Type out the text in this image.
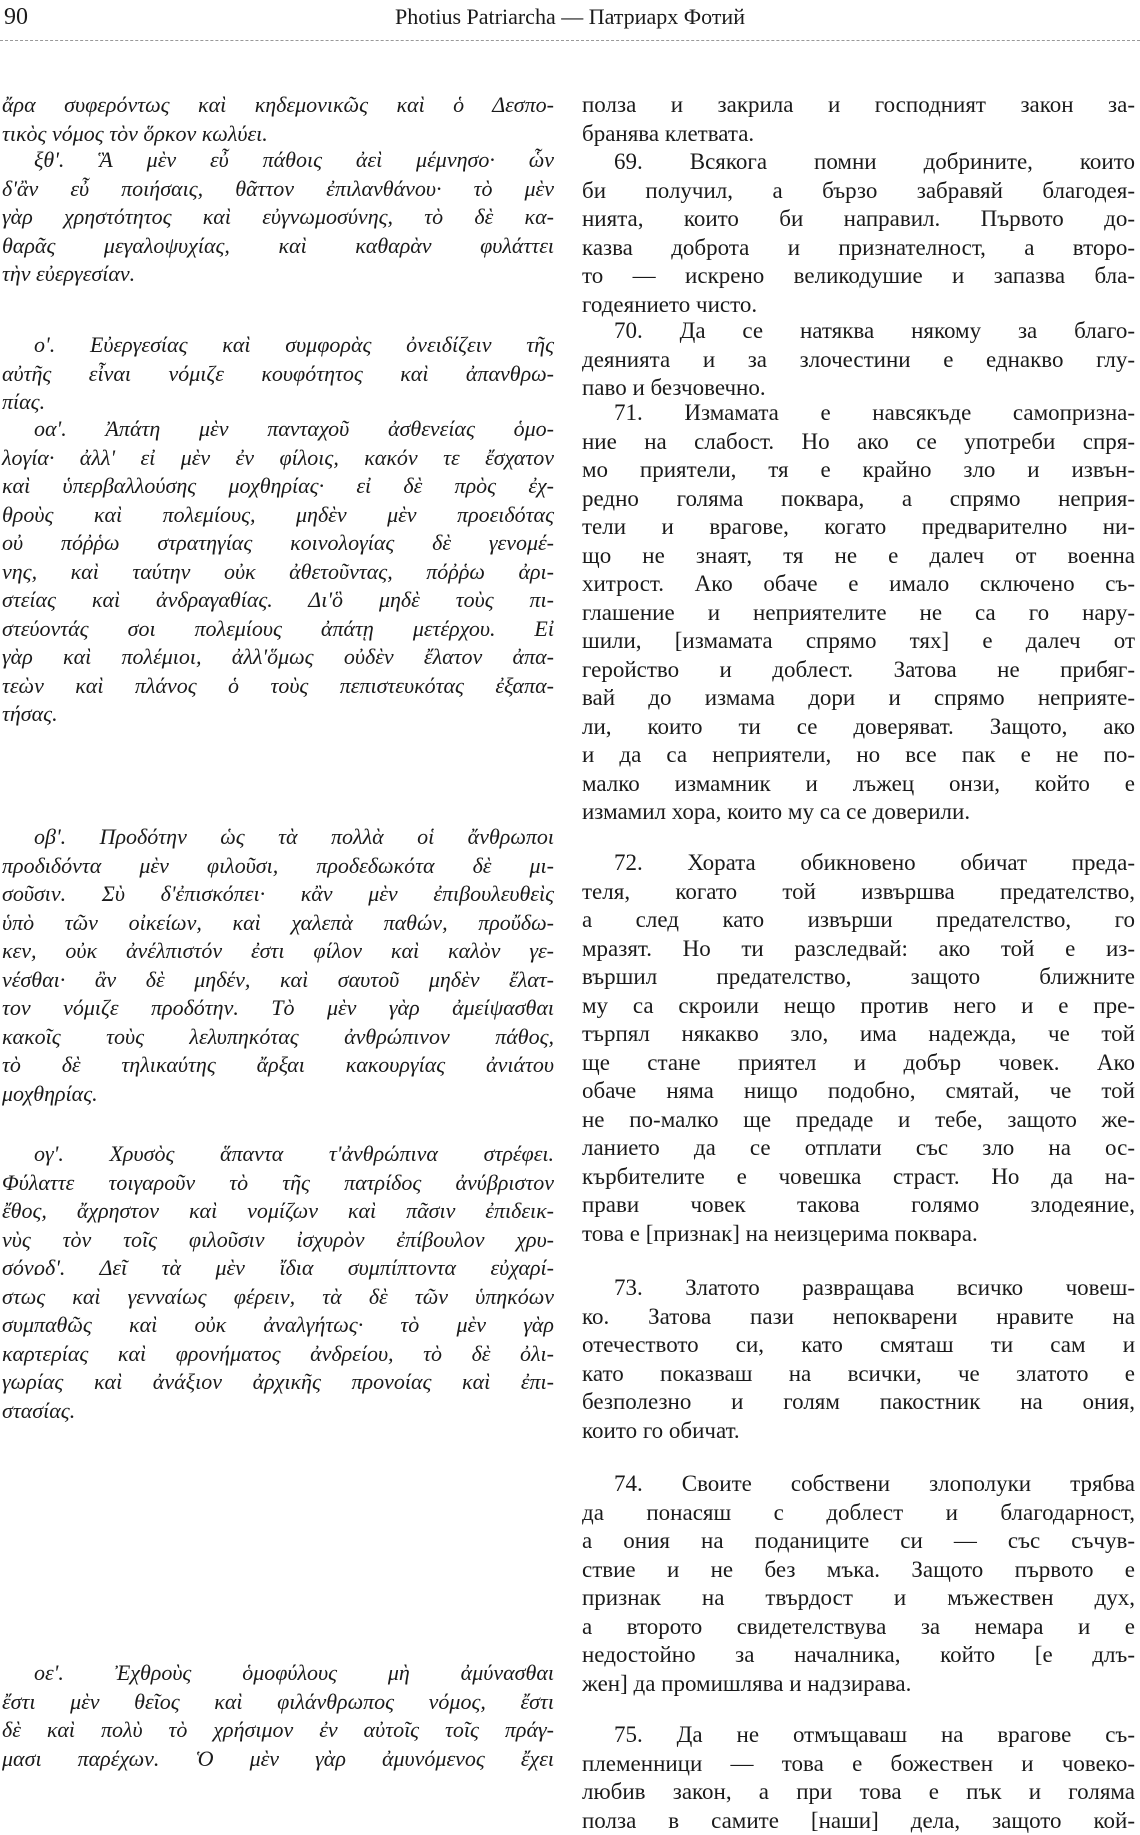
90	Photius Patriarcha — Патриарх Фотий
ἄρα συφερόντως καὶ κηδεμονικῶς καὶ ὁ Δεσπο-
τικὸς νόμος τὸν ὅρκον κωλύει.
ξθ'. Ἃ μὲν εὖ πάθοις ἀεὶ μέμνησο· ὧν
δ'ἂν εὖ ποιήσαις, θᾶττον ἐπιλανθάνου· τὸ μὲν
γὰρ χρηστότητος καὶ εὐγνωμοσύνης, τὸ δὲ κα-
θαρᾶς μεγαλοψυχίας, καὶ καθαρὰν φυλάττει
τὴν εὐεργεσίαν.
ο'. Εὐεργεσίας καὶ συμφορὰς ὀνειδίζειν τῆς
αὐτῆς εἶναι νόμιζε κουφότητος καὶ ἀπανθρω-
πίας.
οα'. Ἀπάτη μὲν πανταχοῦ ἀσθενείας ὁμο-
λογία· ἀλλ' εἰ μὲν ἐν φίλοις, κακόν τε ἔσχατον
καὶ ὑπερβαλλούσης μοχθηρίας· εἰ δὲ πρὸς ἐχ-
θροὺς καὶ πολεμίους, μηδὲν μὲν προειδότας
οὐ πόῤῥω στρατηγίας κοινολογίας δὲ γενομέ-
νης, καὶ ταύτην οὐκ ἀθετοῦντας, πόῤῥω ἀρι-
στείας καὶ ἀνδραγαθίας. Δι'ὃ μηδὲ τοὺς πι-
στεύοντάς σοι πολεμίους ἀπάτῃ μετέρχου. Εἰ
γὰρ καὶ πολέμιοι, ἀλλ'ὅμως οὐδὲν ἔλατον ἀπα-
τεὼν καὶ πλάνος ὁ τοὺς πεπιστευκότας ἐξαπα-
τήσας.
οβ'. Προδότην ὡς τὰ πολλὰ οἱ ἄνθρωποι
προδιδόντα μὲν φιλοῦσι, προδεδωκότα δὲ μι-
σοῦσιν. Σὺ δ'ἐπισκόπει· κἂν μὲν ἐπιβουλευθεὶς
ὑπὸ τῶν οἰκείων, καὶ χαλεπὰ παθών, προὔδω-
κεν, οὐκ ἀνέλπιστόν ἐστι φίλον καὶ καλὸν γε-
νέσθαι· ἂν δὲ μηδέν, καὶ σαυτοῦ μηδὲν ἔλατ-
τον νόμιζε προδότην. Τὸ μὲν γὰρ ἀμείψασθαι
κακοῖς τοὺς λελυπηκότας ἀνθρώπινον πάθος,
τὸ δὲ τηλικαύτης ἄρξαι κακουργίας ἀνιάτου
μοχθηρίας.
ογ'. Χρυσὸς ἅπαντα τ'ἀνθρώπινα στρέφει.
Φύλαττε τοιγαροῦν τὸ τῆς πατρίδος ἀνύβριστον
ἔθος, ἄχρηστον καὶ νομίζων καὶ πᾶσιν ἐπιδεικ-
νὺς τὸν τοῖς φιλοῦσιν ἰσχυρὸν ἐπίβουλον χρυ-
σόν.
οδ'. Δεῖ τὰ μὲν ἴδια συμπίπτοντα εὐχαρί-
στως καὶ γενναίως φέρειν, τὰ δὲ τῶν ὑπηκόων
συμπαθῶς καὶ οὐκ ἀναλγήτως· τὸ μὲν γὰρ
καρτερίας καὶ φρονήματος ἀνδρείου, τὸ δὲ ὀλι-
γωρίας καὶ ἀνάξιον ἀρχικῆς προνοίας καὶ ἐπι-
στασίας.
οε'. Ἐχθροὺς ὁμοφύλους μὴ ἀμύνασθαι
ἔστι μὲν θεῖος καὶ φιλάνθρωπος νόμος, ἔστι
δὲ καὶ πολὺ τὸ χρήσιμον ἐν αὐτοῖς τοῖς πράγ-
μασι παρέχων. Ὁ μὲν γὰρ ἀμυνόμενος ἔχει
полза и закрила и господният закон за-
бранява клетвата.
69. Всякога помни добрините, които
би получил, а бързо забравяй благодея-
нията, които би направил. Първото до-
казва доброта и признателност, а второ-
то — искрено великодушие и запазва бла-
годеянието чисто.
70. Да се натяква някому за благо-
деянията и за злочестини е еднакво глу-
паво и безчовечно.
71. Измамата е навсякъде самопризна-
ние на слабост. Но ако се употреби спря-
мо приятели, тя е крайно зло и извън-
редно голяма поквара, а спрямо неприя-
тели и врагове, когато предварително ни-
що не знаят, тя не е далеч от военна
хитрост. Ако обаче е имало сключено съ-
глашение и неприятелите не са го нару-
шили, [измамата спрямо тях] е далеч от
геройство и доблест. Затова не прибяг-
вай до измама дори и спрямо неприяте-
ли, които ти се доверяват. Защото, ако
и да са неприятели, но все пак е не по-
малко измамник и лъжец онзи, който е
измамил хора, които му са се доверили.
72. Хората обикновено обичат преда-
теля, когато той извършва предателство,
а след като извърши предателство, го
мразят. Но ти разследвай: ако той е из-
вършил предателство, защото ближните
му са скроили нещо против него и е пре-
търпял някакво зло, има надежда, че той
ще стане приятел и добър човек. Ако
обаче няма нищо подобно, смятай, че той
не по-малко ще предаде и тебе, защото же-
ланието да се отплати със зло на ос-
кърбителите е човешка страст. Но да на-
прави човек такова голямо злодеяние,
това е [признак] на неизцерима поквара.
73. Златото развращава всичко човеш-
ко. Затова пази непокварени нравите на
отечеството си, като смяташ ти сам и
като показваш на всички, че златото е
безполезно и голям пакостник на ония,
които го обичат.
74. Своите собствени злополуки трябва
да понасяш с доблест и благодарност,
а ония на поданиците си — със съчув-
ствие и не без мъка. Защото първото е
признак на твърдост и мъжествен дух,
а второто свидетелствува за немара и е
недостойно за началника, който [е длъ-
жен] да промишлява и надзирава.
75. Да не отмъщаваш на врагове съ-
племенници — това е божествен и човеко-
любив закон, а при това е пък и голяма
полза в самите [наши] дела, защото кой-
